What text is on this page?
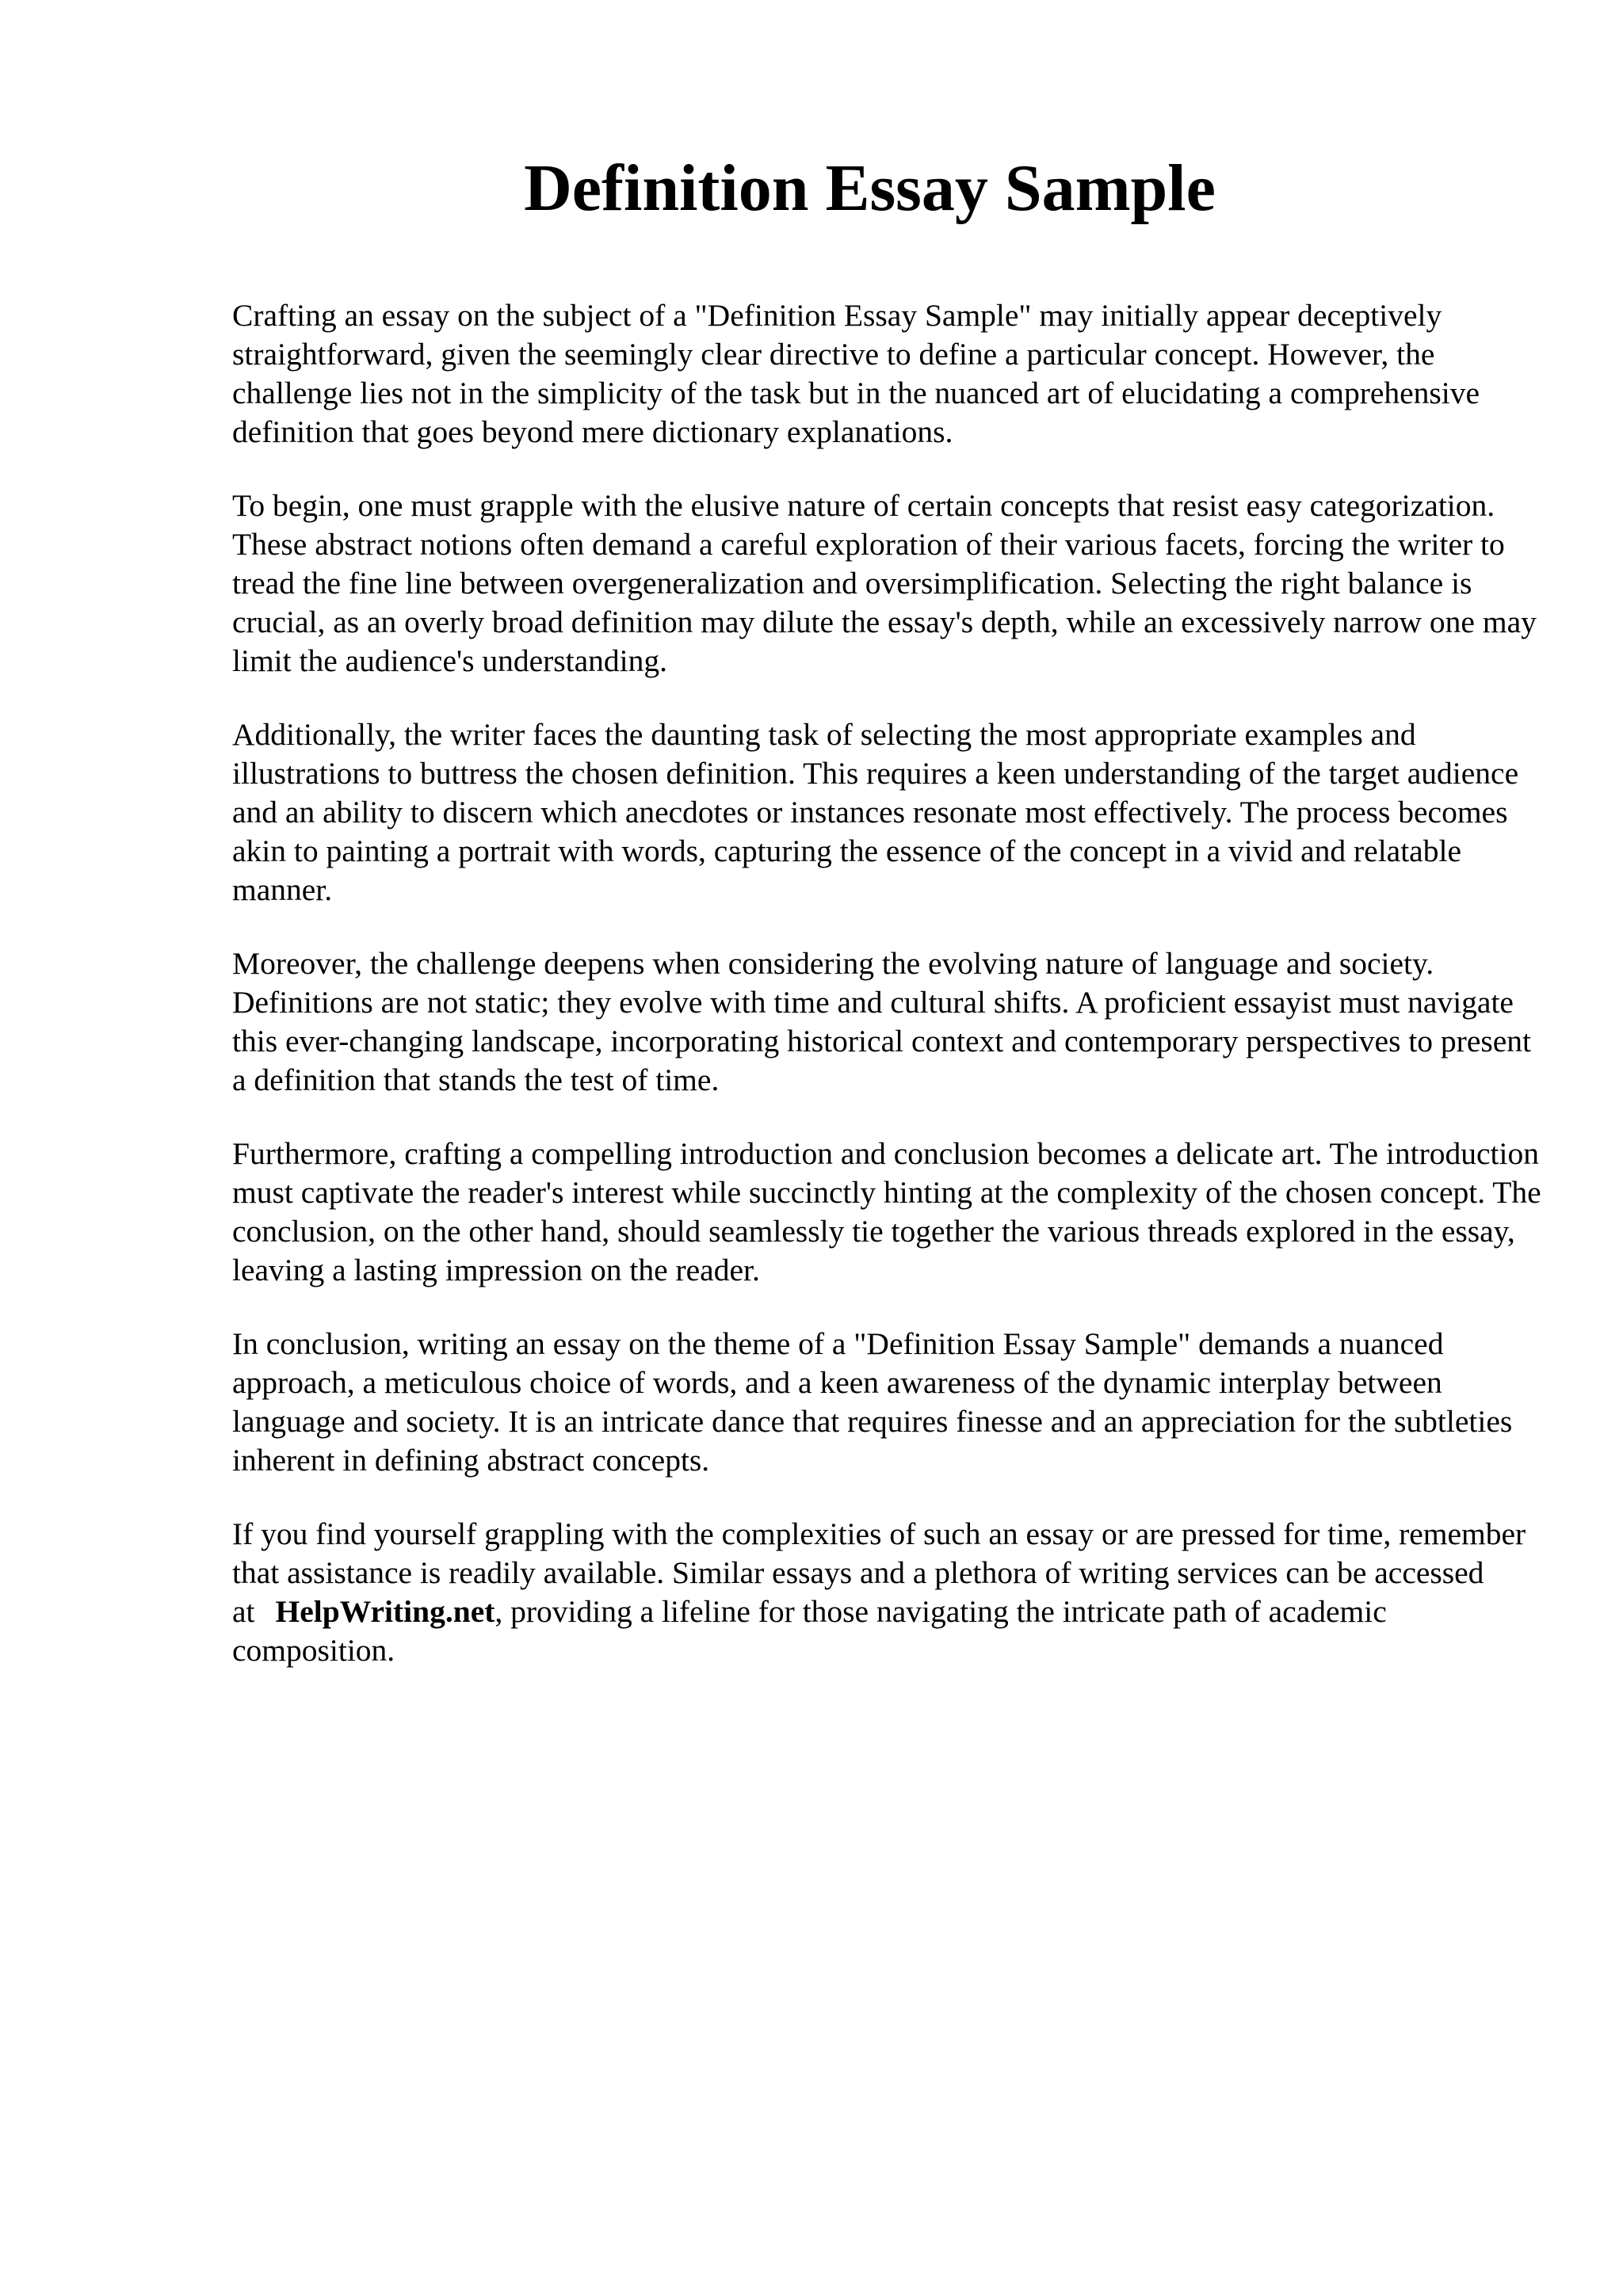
Definition Essay Sample

Crafting an essay on the subject of a "Definition Essay Sample" may initially appear deceptively straightforward, given the seemingly clear directive to define a particular concept. However, the challenge lies not in the simplicity of the task but in the nuanced art of elucidating a comprehensive definition that goes beyond mere dictionary explanations.

To begin, one must grapple with the elusive nature of certain concepts that resist easy categorization. These abstract notions often demand a careful exploration of their various facets, forcing the writer to tread the fine line between overgeneralization and oversimplification. Selecting the right balance is crucial, as an overly broad definition may dilute the essay's depth, while an excessively narrow one may limit the audience's understanding.

Additionally, the writer faces the daunting task of selecting the most appropriate examples and illustrations to buttress the chosen definition. This requires a keen understanding of the target audience and an ability to discern which anecdotes or instances resonate most effectively. The process becomes akin to painting a portrait with words, capturing the essence of the concept in a vivid and relatable manner.

Moreover, the challenge deepens when considering the evolving nature of language and society. Definitions are not static; they evolve with time and cultural shifts. A proficient essayist must navigate this ever-changing landscape, incorporating historical context and contemporary perspectives to present a definition that stands the test of time.

Furthermore, crafting a compelling introduction and conclusion becomes a delicate art. The introduction must captivate the reader's interest while succinctly hinting at the complexity of the chosen concept. The conclusion, on the other hand, should seamlessly tie together the various threads explored in the essay, leaving a lasting impression on the reader.

In conclusion, writing an essay on the theme of a "Definition Essay Sample" demands a nuanced approach, a meticulous choice of words, and a keen awareness of the dynamic interplay between language and society. It is an intricate dance that requires finesse and an appreciation for the subtleties inherent in defining abstract concepts.

If you find yourself grappling with the complexities of such an essay or are pressed for time, remember that assistance is readily available. Similar essays and a plethora of writing services can be accessed at HelpWriting.net, providing a lifeline for those navigating the intricate path of academic composition.
